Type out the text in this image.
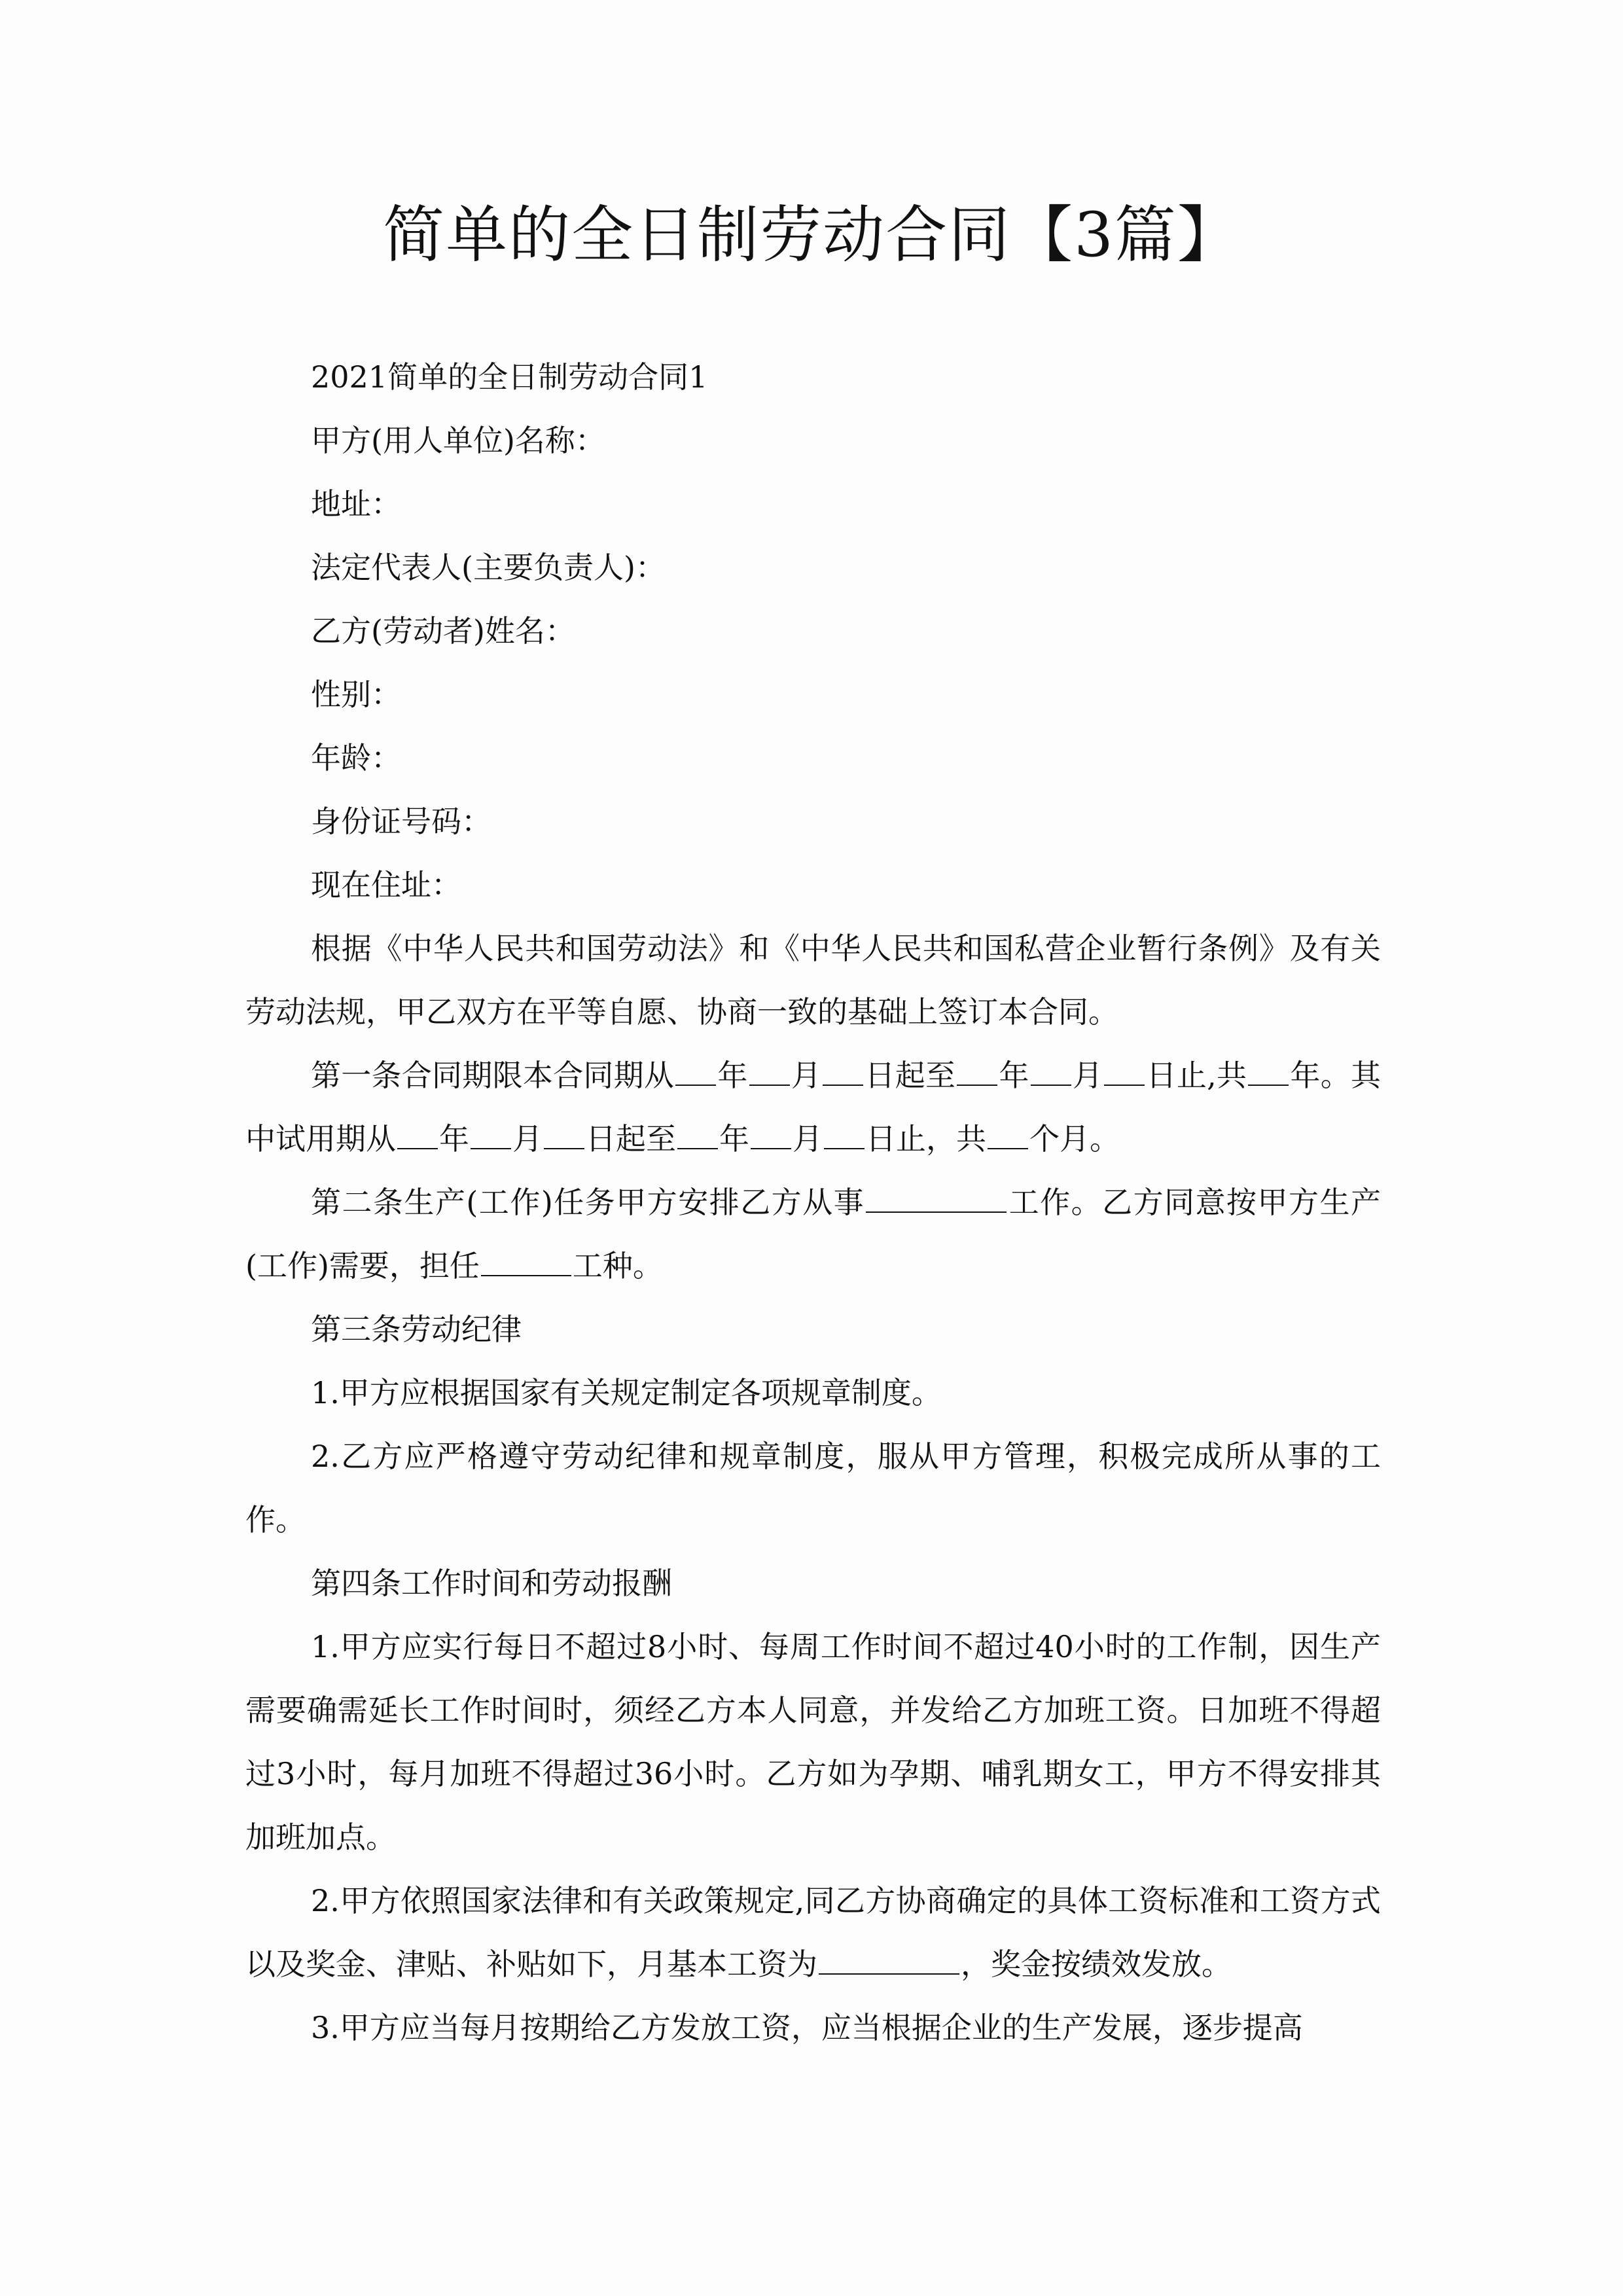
简单的全日制劳动合同【3篇】

2021简单的全日制劳动合同1

甲方(用人单位)名称：

地址：

法定代表人(主要负责人)：

乙方(劳动者)姓名：

性别：

年龄：

身份证号码：

现在住址：

根据《中华人民共和国劳动法》和《中华人民共和国私营企业暂行条例》及有关劳动法规，甲乙双方在平等自愿、协商一致的基础上签订本合同。

第一条合同期限本合同期从 年 月 日起至 年 月 日止,共 年。其中试用期从 年 月 日起至 年 月 日止，共 个月。

第二条生产(工作)任务甲方安排乙方从事	工作。乙方同意按甲方生产(工作)需要，担任	工种。

第三条劳动纪律

1.甲方应根据国家有关规定制定各项规章制度。

2.乙方应严格遵守劳动纪律和规章制度，服从甲方管理，积极完成所从事的工作。

第四条工作时间和劳动报酬

1.甲方应实行每日不超过8小时、每周工作时间不超过40小时的工作制，因生产需要确需延长工作时间时，须经乙方本人同意，并发给乙方加班工资。日加班不得超过3小时，每月加班不得超过36小时。乙方如为孕期、哺乳期女工，甲方不得安排其加班加点。

2.甲方依照国家法律和有关政策规定,同乙方协商确定的具体工资标准和工资方式以及奖金、津贴、补贴如下，月基本工资为	，奖金按绩效发放。

3.甲方应当每月按期给乙方发放工资，应当根据企业的生产发展，逐步提高
